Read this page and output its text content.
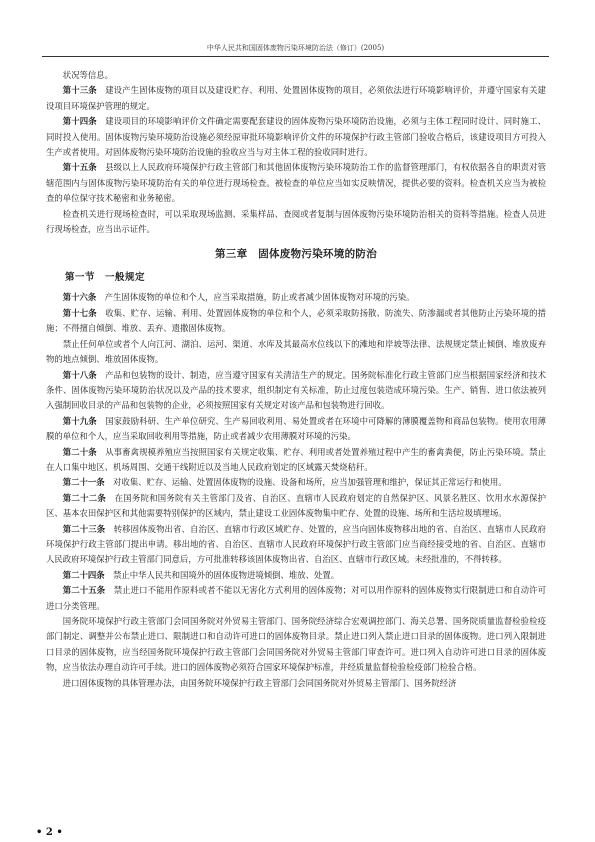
中华人民共和国固体废物污染环境防治法（修订）(2005)

状况等信息。

第十三条　 建设产生固体废物的项目以及建设贮存、利用、处置固体废物的项目，必须依法进行环境影响评价，并遵守国家有关建设项目环境保护管理的规定。

第十四条　 建设项目的环境影响评价文件确定需要配套建设的固体废物污染环境防治设施，必须与主体工程同时设计、同时施工、同时投入使用。固体废物污染环境防治设施必须经原审批环境影响评价文件的环境保护行政主管部门验收合格后，该建设项目方可投入生产或者使用。对固体废物污染环境防治设施的验收应当与对主体工程的验收同时进行。

第十五条　 县级以上人民政府环境保护行政主管部门和其他固体废物污染环境防治工作的监督管理部门，有权依据各自的职责对管辖范围内与固体废物污染环境防治有关的单位进行现场检查。被检查的单位应当如实反映情况，提供必要的资料。检查机关应当为被检查的单位保守技术秘密和业务秘密。

检查机关进行现场检查时，可以采取现场监测、采集样品、查阅或者复制与固体废物污染环境防治相关的资料等措施。检查人员进行现场检查，应当出示证件。

第三章　固体废物污染环境的防治
第一节　一般规定

第十六条　 产生固体废物的单位和个人，应当采取措施，防止或者减少固体废物对环境的污染。

第十七条　 收集、贮存、运输、利用、处置固体废物的单位和个人，必须采取防扬散、防流失、防渗漏或者其他防止污染环境的措施；不得擅自倾倒、堆放、丢弃、遗撒固体废物。

禁止任何单位或者个人向江河、湖泊、运河、渠道、水库及其最高水位线以下的滩地和岸坡等法律、法规规定禁止倾倒、堆放废弃物的地点倾倒、堆放固体废物。

第十八条　 产品和包装物的设计、制造，应当遵守国家有关清洁生产的规定。国务院标准化行政主管部门应当根据国家经济和技术条件、固体废物污染环境防治状况以及产品的技术要求，组织制定有关标准，防止过度包装造成环境污染。生产、销售、进口依法被列入强制回收目录的产品和包装物的企业，必须按照国家有关规定对该产品和包装物进行回收。

第十九条　 国家鼓励科研、生产单位研究、生产易回收利用、易处置或者在环境中可降解的薄膜覆盖物和商品包装物。使用农用薄膜的单位和个人，应当采取回收利用等措施，防止或者减少农用薄膜对环境的污染。

第二十条　 从事畜禽规模养殖应当按照国家有关规定收集、贮存、利用或者处置养殖过程中产生的畜禽粪便，防止污染环境。禁止在人口集中地区、机场周围、交通干线附近以及当地人民政府划定的区域露天焚烧秸秆。

第二十一条　 对收集、贮存、运输、处置固体废物的设施、设备和场所，应当加强管理和维护，保证其正常运行和使用。

第二十二条　 在国务院和国务院有关主管部门及省、自治区、直辖市人民政府划定的自然保护区、风景名胜区、饮用水水源保护区、基本农田保护区和其他需要特别保护的区域内，禁止建设工业固体废物集中贮存、处置的设施、场所和生活垃圾填埋场。

第二十三条　 转移固体废物出省、自治区、直辖市行政区域贮存、处置的，应当向固体废物移出地的省、自治区、直辖市人民政府环境保护行政主管部门提出申请。移出地的省、自治区、直辖市人民政府环境保护行政主管部门应当商经接受地的省、自治区、直辖市人民政府环境保护行政主管部门同意后，方可批准转移该固体废物出省、自治区、直辖市行政区域。未经批准的，不得转移。

第二十四条　 禁止中华人民共和国境外的固体废物进境倾倒、堆放、处置。

第二十五条　 禁止进口不能用作原料或者不能以无害化方式利用的固体废物；对可以用作原料的固体废物实行限制进口和自动许可进口分类管理。

国务院环境保护行政主管部门会同国务院对外贸易主管部门、国务院经济综合宏观调控部门、海关总署、国务院质量监督检验检疫部门制定、调整并公布禁止进口、限制进口和自动许可进口的固体废物目录。禁止进口列入禁止进口目录的固体废物。进口列入限制进口目录的固体废物，应当经国务院环境保护行政主管部门会同国务院对外贸易主管部门审查许可。进口列入自动许可进口目录的固体废物，应当依法办理自动许可手续。进口的固体废物必须符合国家环境保护标准，并经质量监督检验检疫部门检验合格。

进口固体废物的具体管理办法，由国务院环境保护行政主管部门会同国务院对外贸易主管部门、国务院经济

• 2 •
